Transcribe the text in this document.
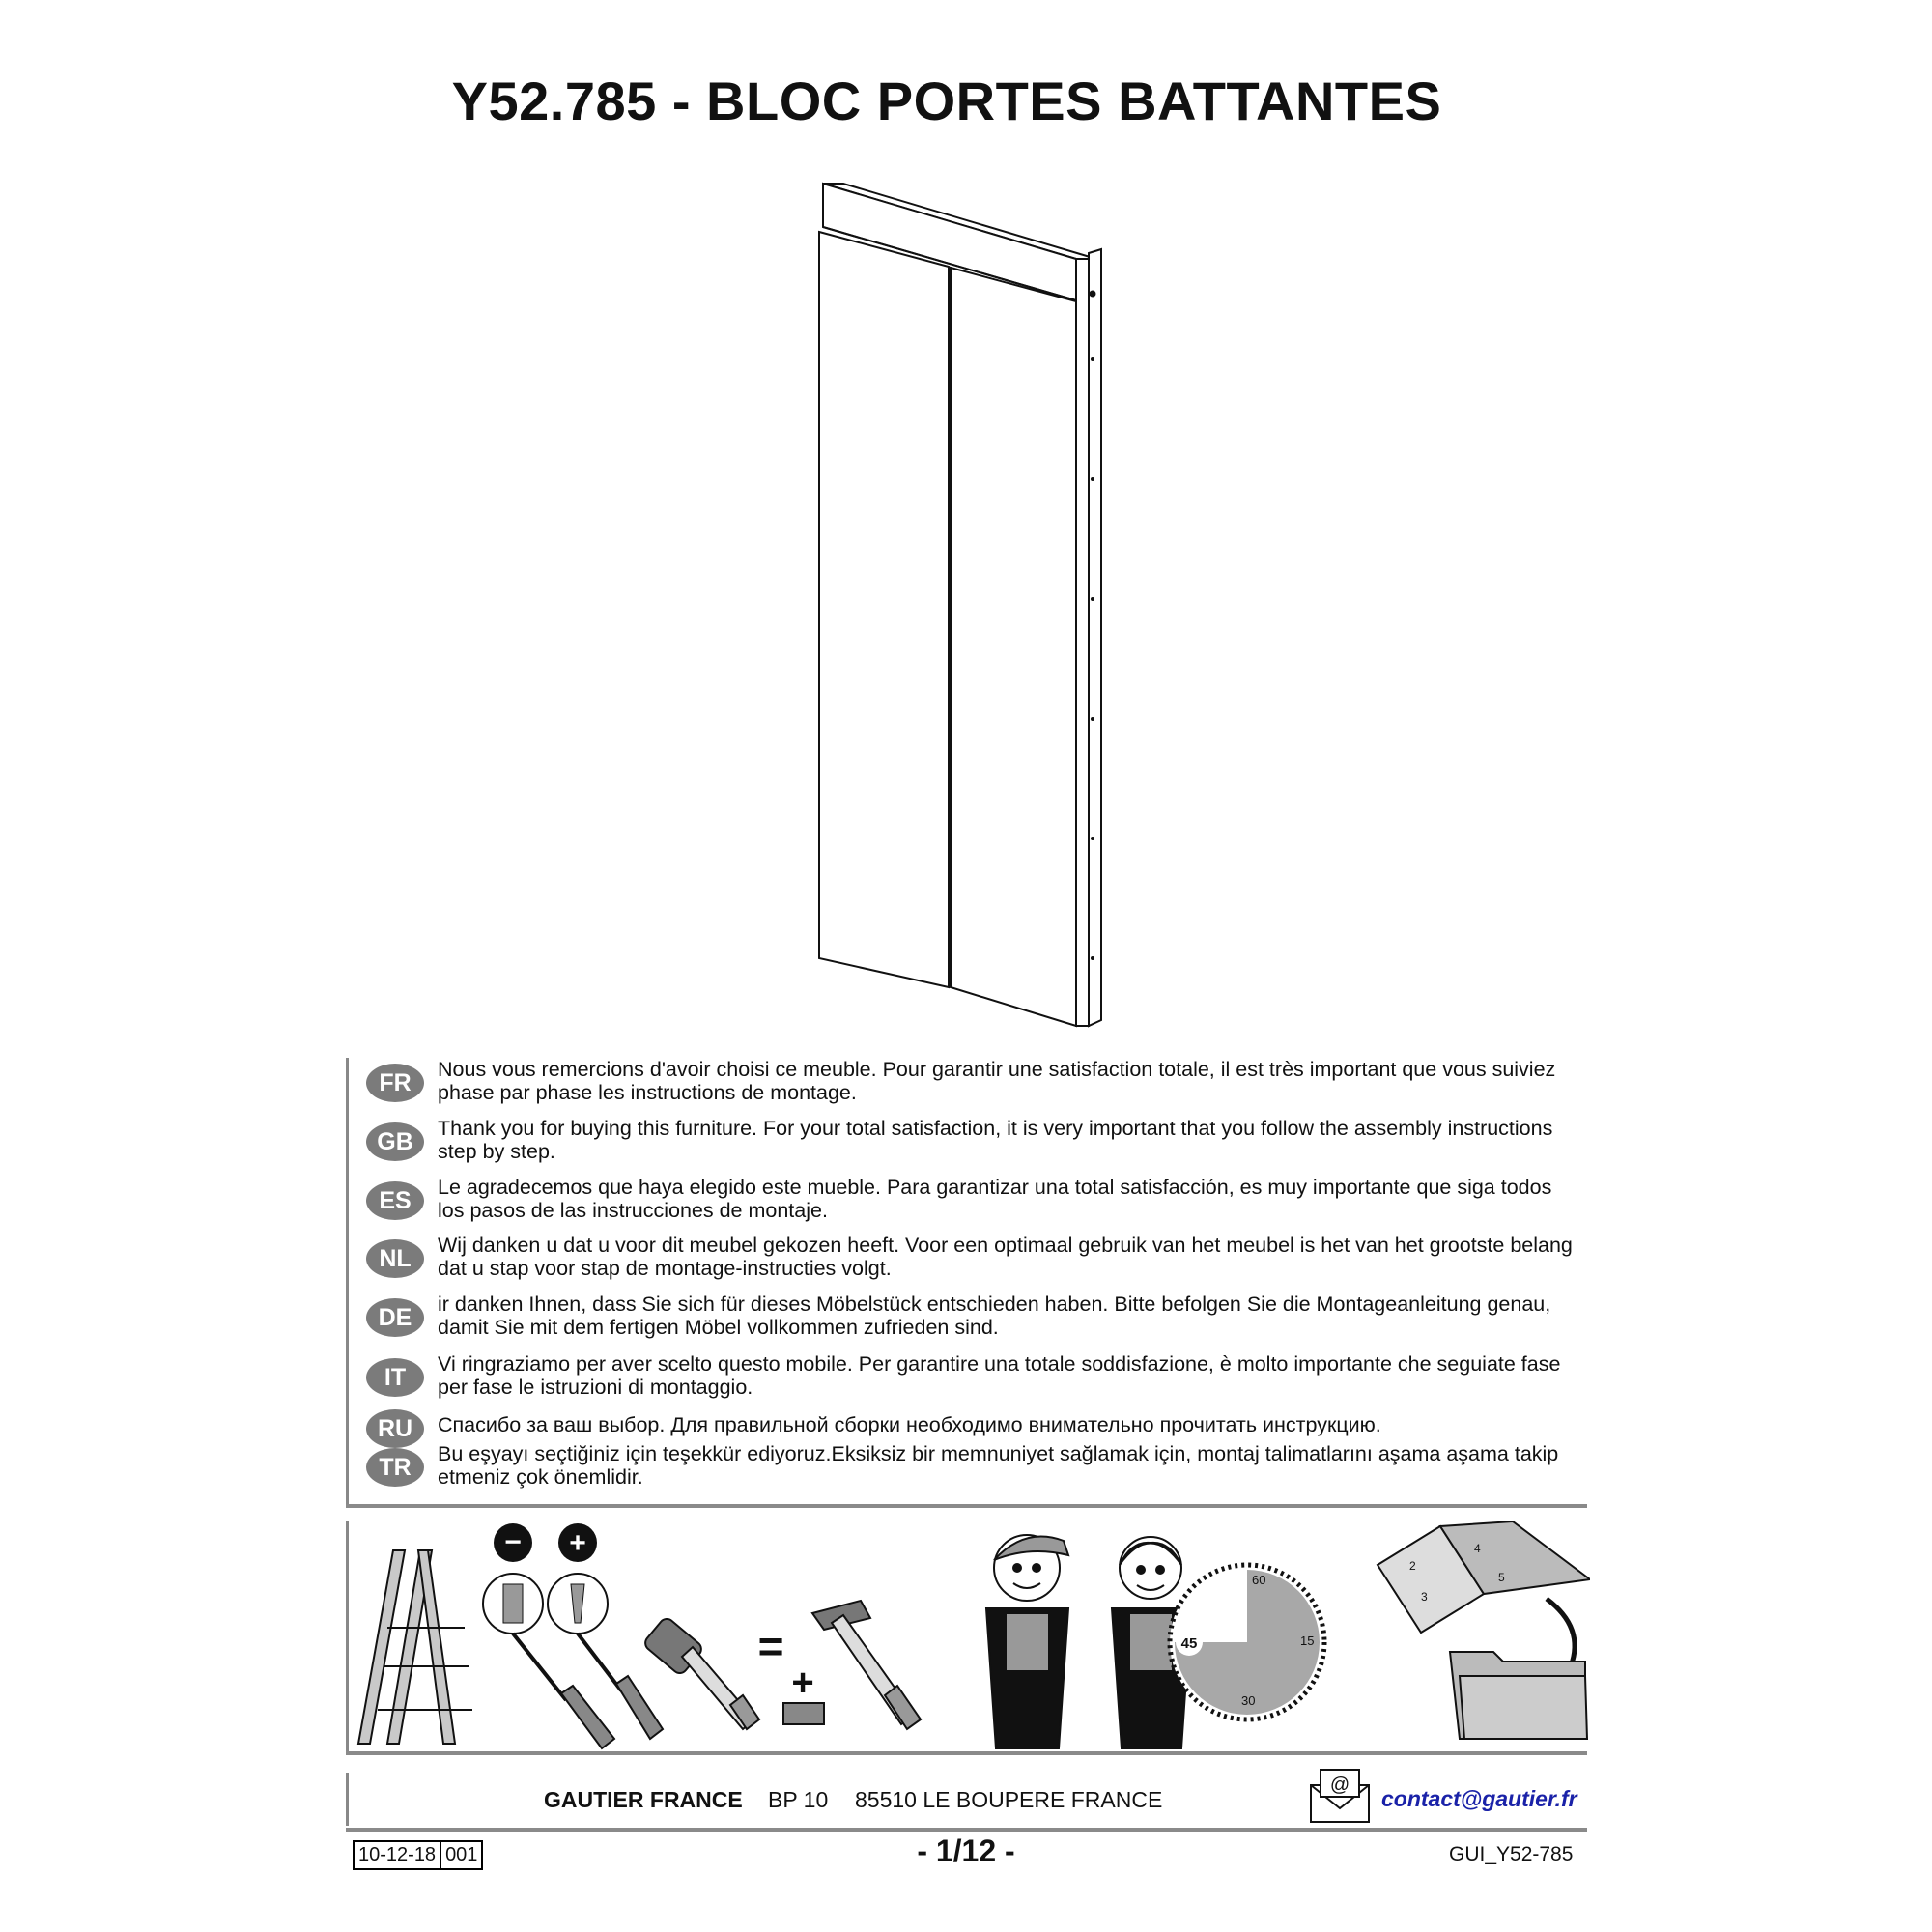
Y52.785 - BLOC PORTES BATTANTES
FR	Nous vous remercions d'avoir choisi ce meuble. Pour garantir une satisfaction totale, il est très important que vous suiviez phase par phase les instructions de montage.
GB	Thank you for buying this furniture. For your total satisfaction, it is very important that you follow the assembly instructions step by step.
ES	Le agradecemos que haya elegido este mueble. Para garantizar una total satisfacción, es muy importante que siga todos los pasos de las instrucciones de montaje.
NL	Wij danken u dat u voor dit meubel gekozen heeft. Voor een optimaal gebruik van het meubel is het van het grootste belang dat u stap voor stap de montage-instructies volgt.
DE	ir danken Ihnen, dass Sie sich für dieses Möbelstück entschieden haben. Bitte befolgen Sie die Montageanleitung genau, damit Sie mit dem fertigen Möbel vollkommen zufrieden sind.
IT	Vi ringraziamo per aver scelto questo mobile. Per garantire una totale soddisfazione, è molto importante che seguiate fase per fase le istruzioni di montaggio.
RU	Спасибо за ваш выбор. Для правильной сборки необходимо внимательно прочитать инструкцию.
TR	Bu eşyayı seçtiğiniz için teşekkür ediyoruz.Eksiksiz bir memnuniyet sağlamak için, montaj talimatlarını aşama aşama takip etmeniz çok önemlidir.
− +
=
+
60
15
30
45
2
3
4
5
GAUTIER FRANCE BP 10 85510 LE BOUPERE FRANCE
@
contact@gautier.fr
10-12-18 001	- 1/12 -	GUI_Y52-785
